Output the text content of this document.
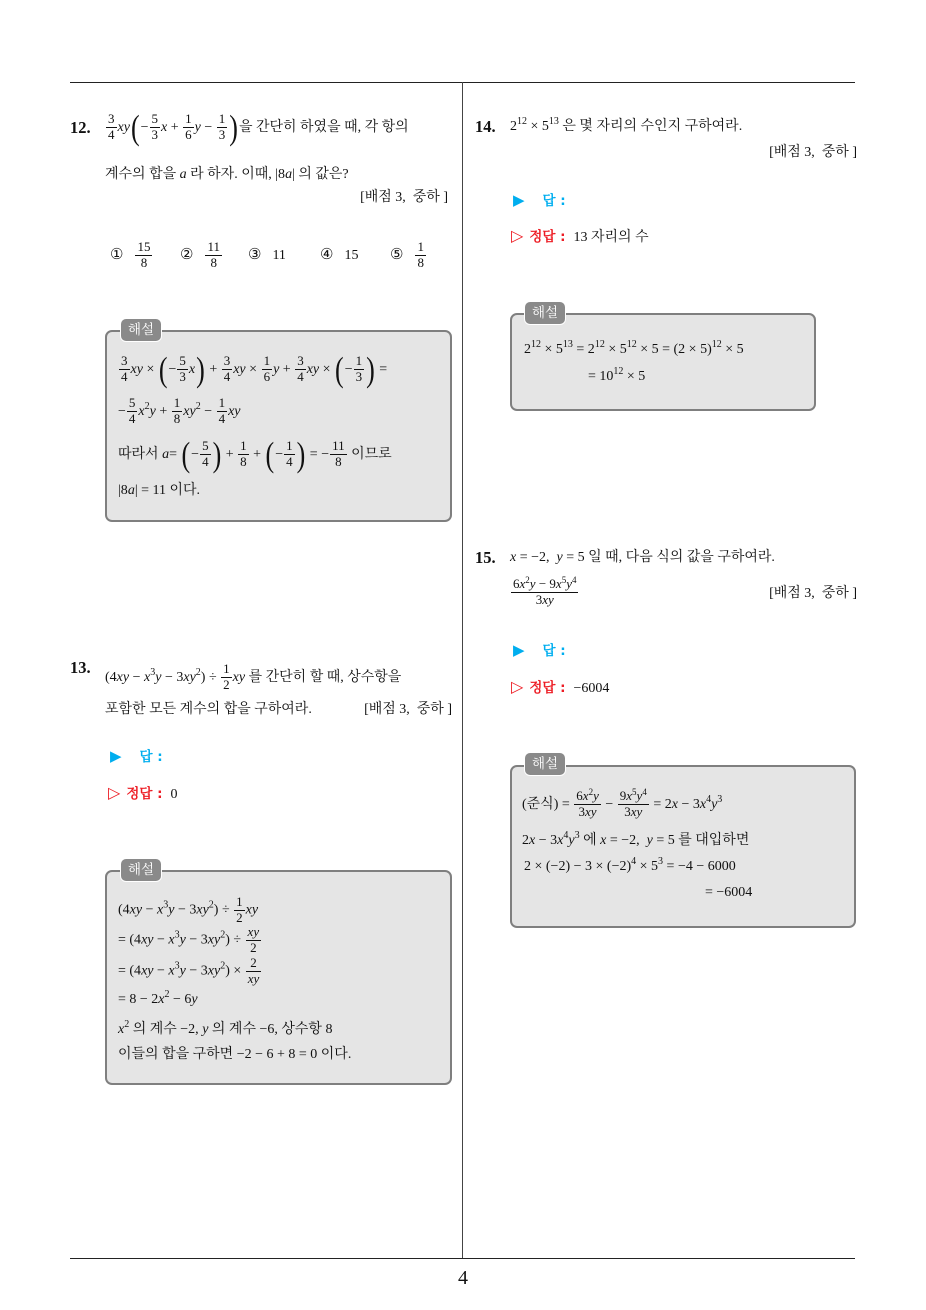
4
12. $\frac{3}{4} xy(- \frac{5}{3}$ $x + \frac{1}{6}$ $y - \frac{1}{3}$ )을 간단히 하였을 때, 각 항의
계수의 합을 a 라 하자. 이때, |8a| 의 값은?
[배점 3,  중하 ]
① $\frac{15}{8}$ ② $\frac{11}{8}$ ③ 11 ④ 15 ⑤ $\frac{1}{8}$
해설
$\frac{3}{4}$ xy × (− $\frac{5}{3} x) + \frac{3}{4}$ xy × $\frac{1}{6}$ $y + \frac{3}{4}$ xy × (− $\frac{1}{3}$ ) =
− $\frac{5}{4} x^2y + \frac{1}{8} xy^2 - \frac{1}{4}$ xy
따라서 a= (− $\frac{5}{4}$ ) + $\frac{1}{8}$ + (− $\frac{1}{4}$ ) = − $\frac{11}{8}$ 이므로
|8a| = 11 이다.
13.
$(4xy - x^3y - 3xy^2) \div \frac{1}{2}$ xy 를 간단히 할 때, 상수항을
포함한 모든 계수의 합을 구하여라.	[배점 3,  중하 ]
▶ 답 :
▷ 정답 : 0
해설
$(4xy - x^3y - 3xy^2) \div \frac{1}{2}$ xy
= $(4xy - x^3y - 3xy^2) \div \frac{xy}{2}$
= $(4xy - x^3y - 3xy^2) \times \frac{2}{xy}$
= $8 - 2x^2 - 6y$
$x^2$ 의 계수 −2, y 의 계수 −6, 상수항 8
이들의 합을 구하면 −2 − 6 + 8 = 0 이다.
14. $2^{12} \times 5^{13}$ 은 몇 자리의 수인지 구하여라.
[배점 3,  중하 ]
▶ 답 :
▷ 정답 : 13 자리의 수
해설
$2^{12} \times 5^{13} = 2^{12} \times 5^{12} \times 5 = (2 \times 5)^{12} \times 5$
= $10^{12} \times 5$
15. x = −2,  y = 5 일 때, 다음 식의 값을 구하여라.
$\frac{6x^2y - 9x^5y^4}{3xy}$	[배점 3,  중하 ]
▶ 답 :
▷ 정답 : −6004
해설
(준식) = $\frac{6x^2y}{3xy} - \frac{9x^5y^4}{3xy} = 2x - 3x^4y^3$
$2x - 3x^4y^3$ 에 x = −2,  y = 5 를 대입하면
$2 \times (-2) - 3 \times (-2)^4 \times 5^3 = -4 - 6000$
= −6004
